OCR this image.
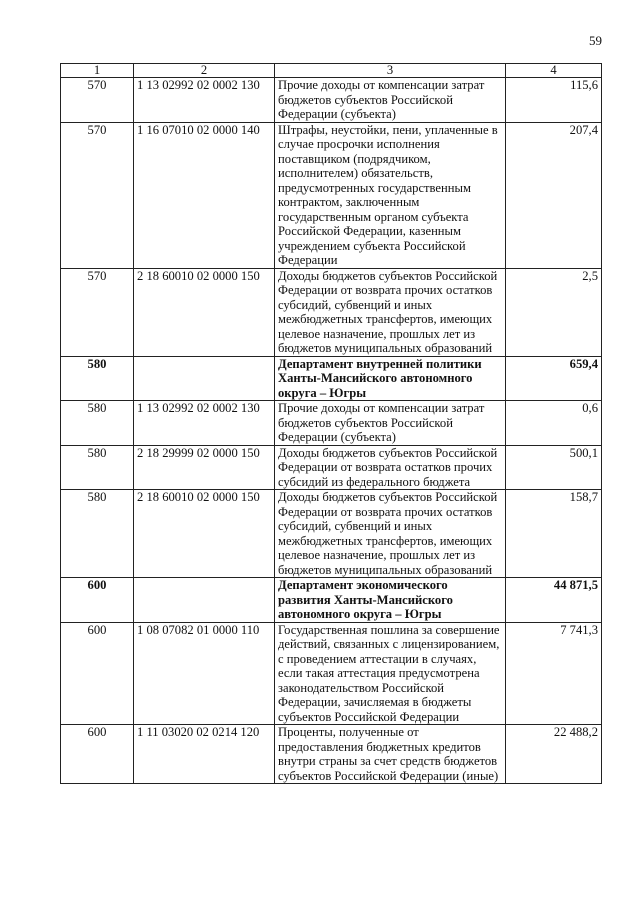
59
1	2	3	4
570	1 13 02992 02 0002 130	Прочие доходы от компенсации затрат бюджетов субъектов Российской Федерации (субъекта)	115,6
570	1 16 07010 02 0000 140	Штрафы, неустойки, пени, уплаченные в случае просрочки исполнения поставщиком (подрядчиком, исполнителем) обязательств, предусмотренных государственным контрактом, заключенным государственным органом субъекта Российской Федерации, казенным учреждением субъекта Российской Федерации	207,4
570	2 18 60010 02 0000 150	Доходы бюджетов субъектов Российской Федерации от возврата прочих остатков субсидий, субвенций и иных межбюджетных трансфертов, имеющих целевое назначение, прошлых лет из бюджетов муниципальных образований	2,5
580		Департамент внутренней политики Ханты-Мансийского автономного округа – Югры	659,4
580	1 13 02992 02 0002 130	Прочие доходы от компенсации затрат бюджетов субъектов Российской Федерации (субъекта)	0,6
580	2 18 29999 02 0000 150	Доходы бюджетов субъектов Российской Федерации от возврата остатков прочих субсидий из федерального бюджета	500,1
580	2 18 60010 02 0000 150	Доходы бюджетов субъектов Российской Федерации от возврата прочих остатков субсидий, субвенций и иных межбюджетных трансфертов, имеющих целевое назначение, прошлых лет из бюджетов муниципальных образований	158,7
600		Департамент экономического развития Ханты-Мансийского автономного округа – Югры	44 871,5
600	1 08 07082 01 0000 110	Государственная пошлина за совершение действий, связанных с лицензированием, с проведением аттестации в случаях, если такая аттестация предусмотрена законодательством Российской Федерации, зачисляемая в бюджеты субъектов Российской Федерации	7 741,3
600	1 11 03020 02 0214 120	Проценты, полученные от предоставления бюджетных кредитов внутри страны за счет средств бюджетов субъектов Российской Федерации (иные)	22 488,2
